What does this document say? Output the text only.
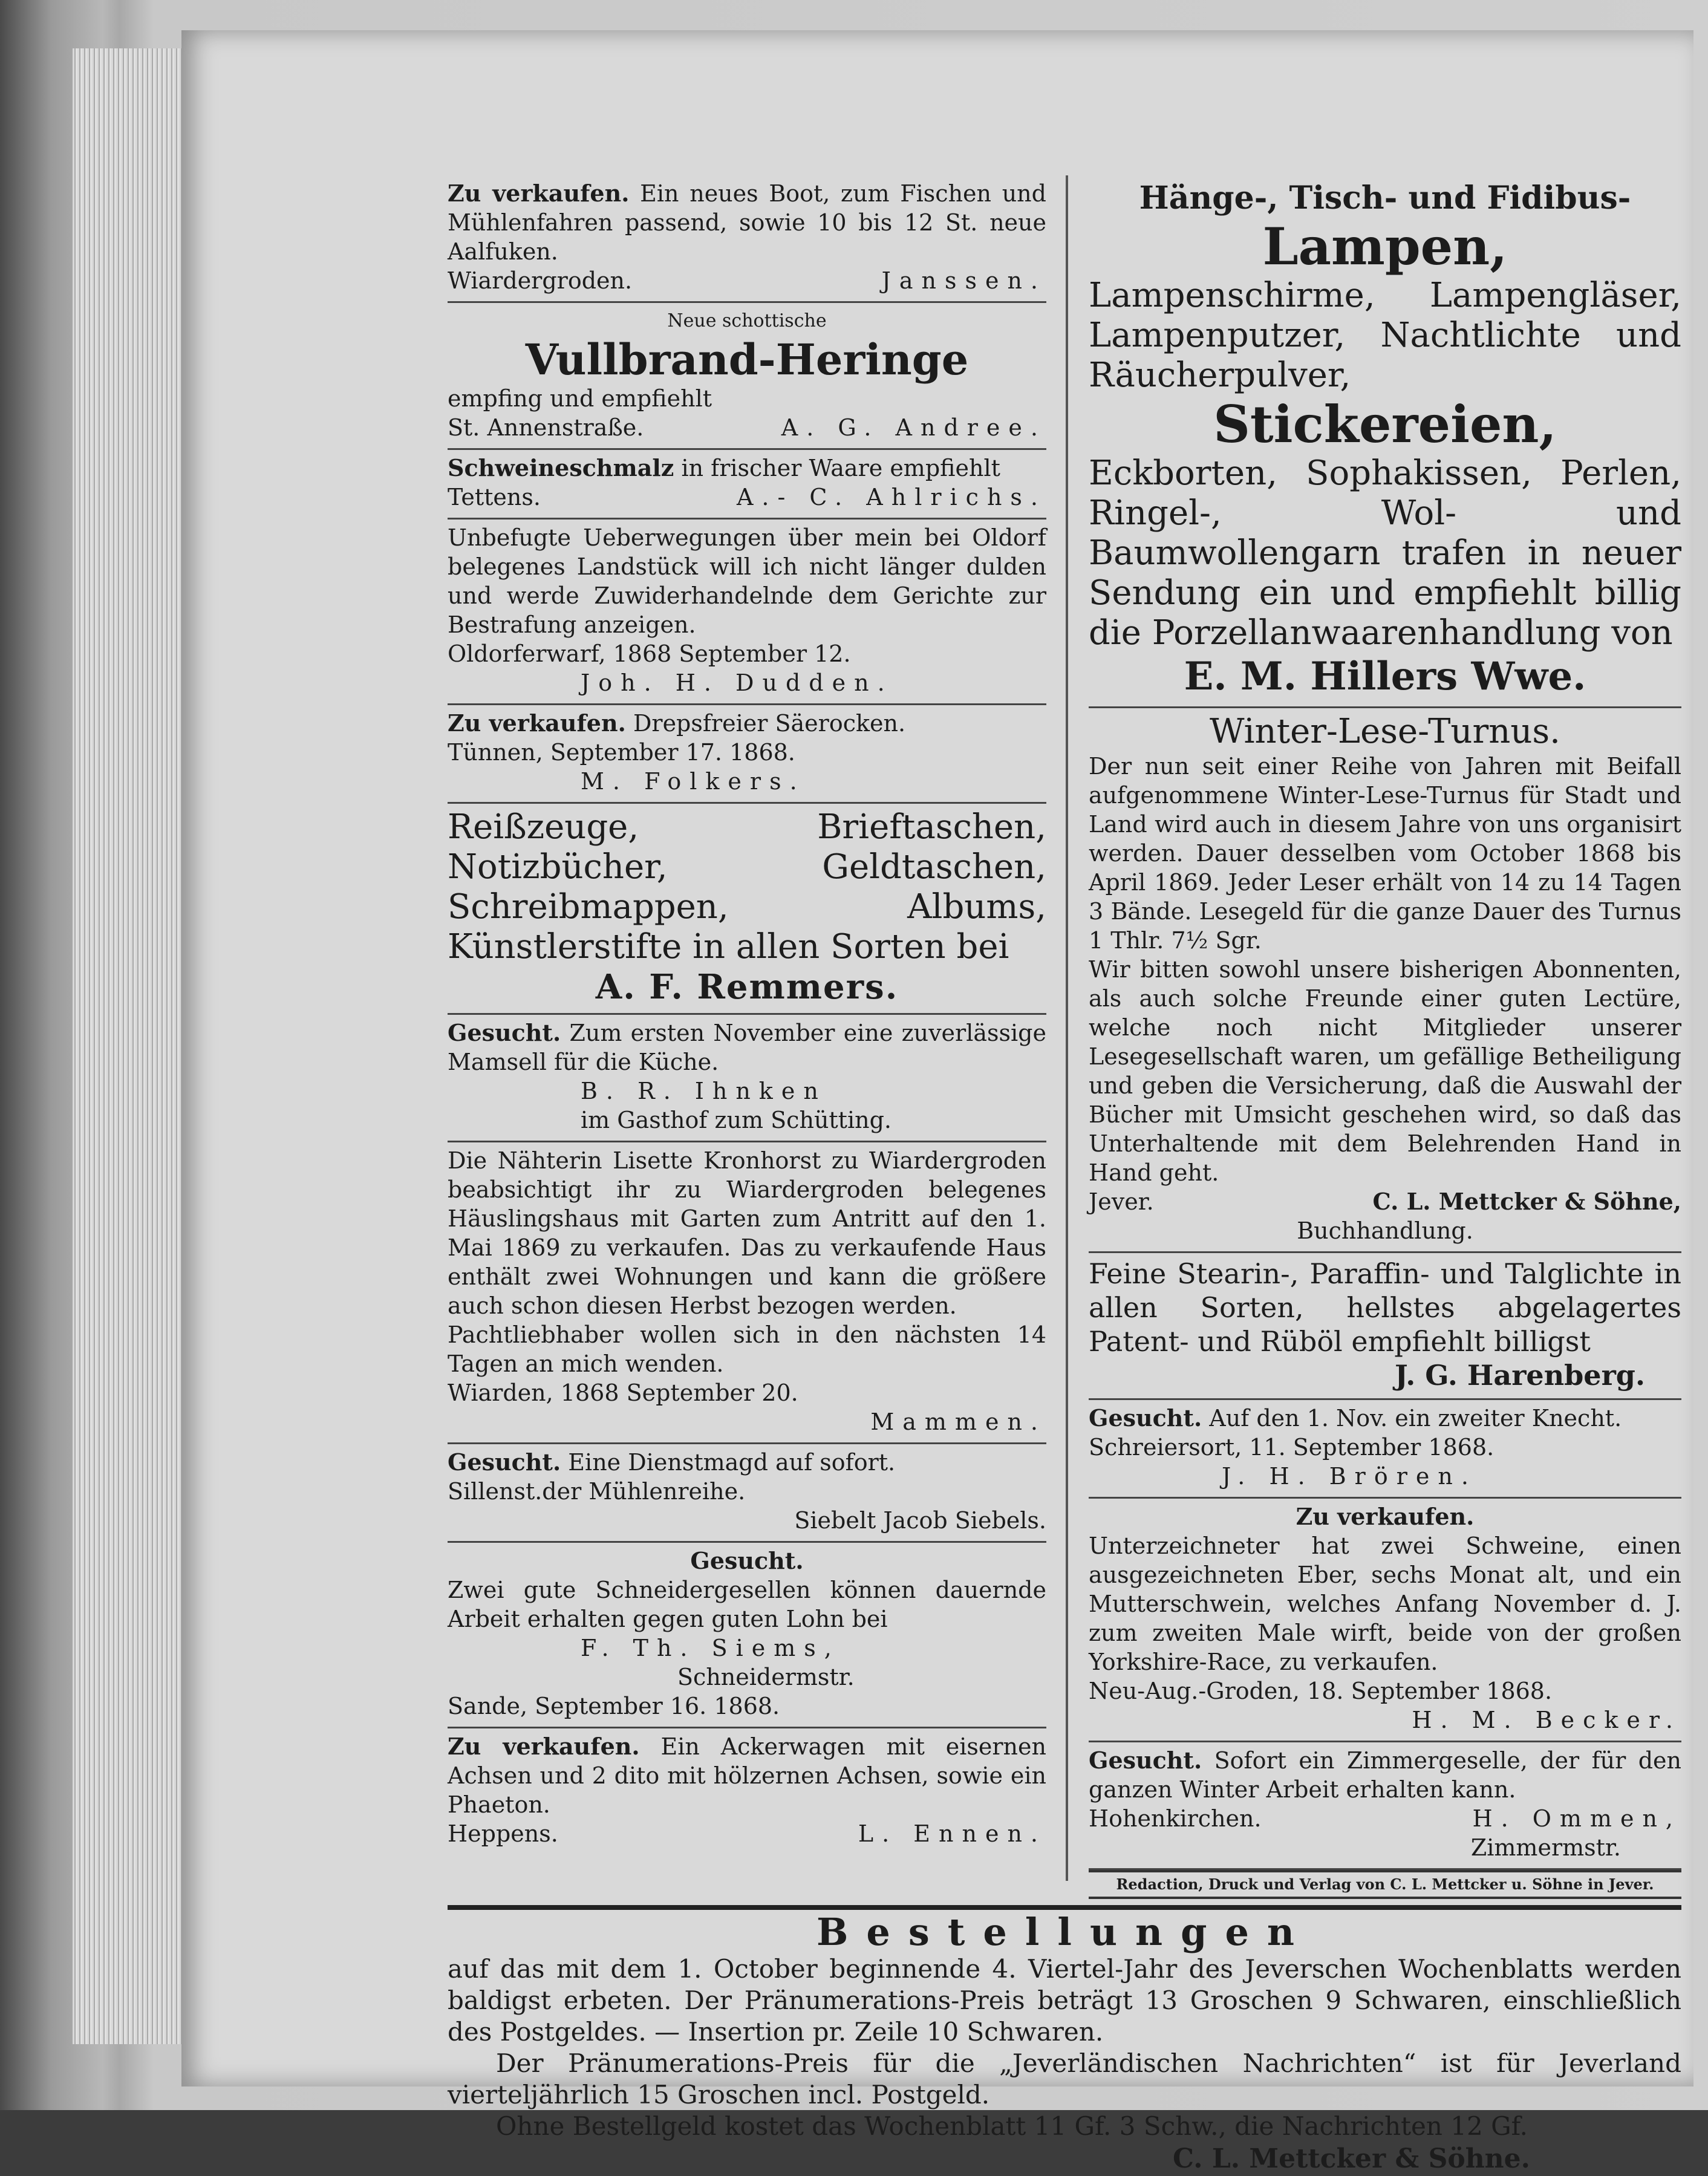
Zu verkaufen. Ein neues Boot, zum Fischen und Mühlenfahren passend, sowie 10 bis 12 St. neue Aalfuken.

Wiardergroden.	Janssen.

Neue schottische

Vullbrand-Heringe

empfing und empfiehlt

St. Annenstraße.	A. G. Andree.

Schweineschmalz in frischer Waare empfiehlt

Tettens.	A.- C. Ahlrichs.

Unbefugte Ueberwegungen über mein bei Oldorf belegenes Landstück will ich nicht länger dulden und werde Zuwiderhandelnde dem Gerichte zur Bestrafung anzeigen.

Oldorferwarf, 1868 September 12.

Joh. H. Dudden.

Zu verkaufen. Drepsfreier Säerocken.

Tünnen, September 17. 1868.

M. Folkers.

Reißzeuge, Brieftaschen, Notizbücher, Geldtaschen, Schreibmappen, Albums, Künstlerstifte in allen Sorten bei

A. F. Remmers.

Gesucht. Zum ersten November eine zuverlässige Mamsell für die Küche.

B. R. Ihnken

im Gasthof zum Schütting.

Die Nähterin Lisette Kronhorst zu Wiardergroden beabsichtigt ihr zu Wiardergroden belegenes Häuslingshaus mit Garten zum Antritt auf den 1. Mai 1869 zu verkaufen. Das zu verkaufende Haus enthält zwei Wohnungen und kann die größere auch schon diesen Herbst bezogen werden.

Pachtliebhaber wollen sich in den nächsten 14 Tagen an mich wenden.

Wiarden, 1868 September 20.

Mammen.

Gesucht. Eine Dienstmagd auf sofort.

Sillenst.der Mühlenreihe.

Siebelt Jacob Siebels.

Gesucht.

Zwei gute Schneidergesellen können dauernde Arbeit erhalten gegen guten Lohn bei

F. Th. Siems,

Schneidermstr.

Sande, September 16. 1868.

Zu verkaufen. Ein Ackerwagen mit eisernen Achsen und 2 dito mit hölzernen Achsen, sowie ein Phaeton.

Heppens.	L. Ennen.

Hänge-, Tisch- und Fidibus-

Lampen,

Lampenschirme, Lampengläser, Lampenputzer, Nachtlichte und Räucherpulver,

Stickereien,

Eckborten, Sophakissen, Perlen, Ringel-, Wol- und Baumwollengarn trafen in neuer Sendung ein und empfiehlt billig die Porzellanwaarenhandlung von

E. M. Hillers Wwe.

Winter-Lese-Turnus.

Der nun seit einer Reihe von Jahren mit Beifall aufgenommene Winter-Lese-Turnus für Stadt und Land wird auch in diesem Jahre von uns organisirt werden. Dauer desselben vom October 1868 bis April 1869. Jeder Leser erhält von 14 zu 14 Tagen 3 Bände. Lesegeld für die ganze Dauer des Turnus 1 Thlr. 7½ Sgr.

Wir bitten sowohl unsere bisherigen Abonnenten, als auch solche Freunde einer guten Lectüre, welche noch nicht Mitglieder unserer Lesegesellschaft waren, um gefällige Betheiligung und geben die Versicherung, daß die Auswahl der Bücher mit Umsicht geschehen wird, so daß das Unterhaltende mit dem Belehrenden Hand in Hand geht.

Jever.	C. L. Mettcker & Söhne,

Buchhandlung.

Feine Stearin-, Paraffin- und Talglichte in allen Sorten, hellstes abgelagertes Patent- und Rüböl empfiehlt billigst

J. G. Harenberg.

Gesucht. Auf den 1. Nov. ein zweiter Knecht.

Schreiersort, 11. September 1868.

J. H. Brören.

Zu verkaufen.

Unterzeichneter hat zwei Schweine, einen ausgezeichneten Eber, sechs Monat alt, und ein Mutterschwein, welches Anfang November d. J. zum zweiten Male wirft, beide von der großen Yorkshire-Race, zu verkaufen.

Neu-Aug.-Groden, 18. September 1868.

H. M. Becker.

Gesucht. Sofort ein Zimmergeselle, der für den ganzen Winter Arbeit erhalten kann.

Hohenkirchen.	H. Ommen,

Zimmermstr.

Redaction, Druck und Verlag von C. L. Mettcker u. Söhne in Jever.

Bestellungen

auf das mit dem 1. October beginnende 4. Viertel-Jahr des Jeverschen Wochenblatts werden baldigst erbeten. Der Pränumerations-Preis beträgt 13 Groschen 9 Schwaren, einschließlich des Postgeldes. — Insertion pr. Zeile 10 Schwaren.

Der Pränumerations-Preis für die „Jeverländischen Nachrichten“ ist für Jeverland vierteljährlich 15 Groschen incl. Postgeld.

Ohne Bestellgeld kostet das Wochenblatt 11 Gf. 3 Schw., die Nachrichten 12 Gf.

C. L. Mettcker & Söhne.
